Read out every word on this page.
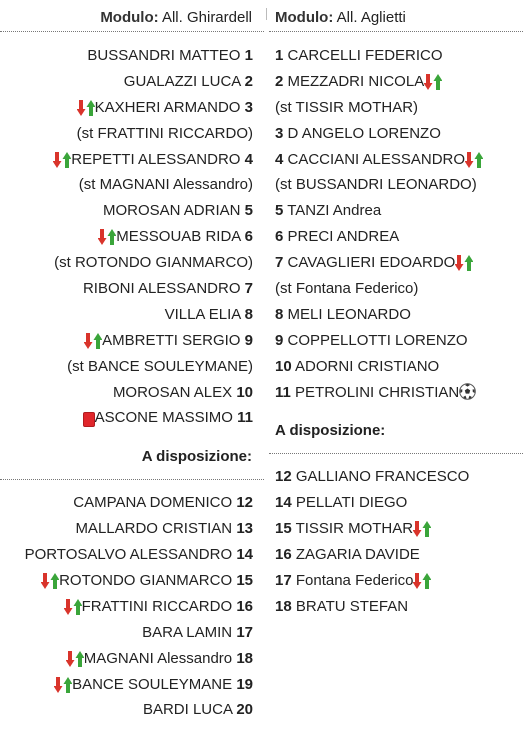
Modulo: All. Ghirardell
BUSSANDRI MATTEO 1
GUALAZZI LUCA 2
KAXHERI ARMANDO 3
(st FRATTINI RICCARDO)
REPETTI ALESSANDRO 4
(st MAGNANI Alessandro)
MOROSAN ADRIAN 5
MESSOUAB RIDA 6
(st ROTONDO GIANMARCO)
RIBONI ALESSANDRO 7
VILLA ELIA 8
AMBRETTI SERGIO 9
(st BANCE SOULEYMANE)
MOROSAN ALEX 10
ASCONE MASSIMO 11
A disposizione:
CAMPANA DOMENICO 12
MALLARDO CRISTIAN 13
PORTOSALVO ALESSANDRO 14
ROTONDO GIANMARCO 15
FRATTINI RICCARDO 16
BARA LAMIN 17
MAGNANI Alessandro 18
BANCE SOULEYMANE 19
BARDI LUCA 20
Modulo: All. Aglietti
1 CARCELLI FEDERICO
2 MEZZADRI NICOLA
(st TISSIR MOTHAR)
3 D ANGELO LORENZO
4 CACCIANI ALESSANDRO
(st BUSSANDRI LEONARDO)
5 TANZI Andrea
6 PRECI ANDREA
7 CAVAGLIERI EDOARDO
(st Fontana Federico)
8 MELI LEONARDO
9 COPPELLOTTI LORENZO
10 ADORNI CRISTIANO
11 PETROLINI CHRISTIAN
A disposizione:
12 GALLIANO FRANCESCO
14 PELLATI DIEGO
15 TISSIR MOTHAR
16 ZAGARIA DAVIDE
17 Fontana Federico
18 BRATU STEFAN
